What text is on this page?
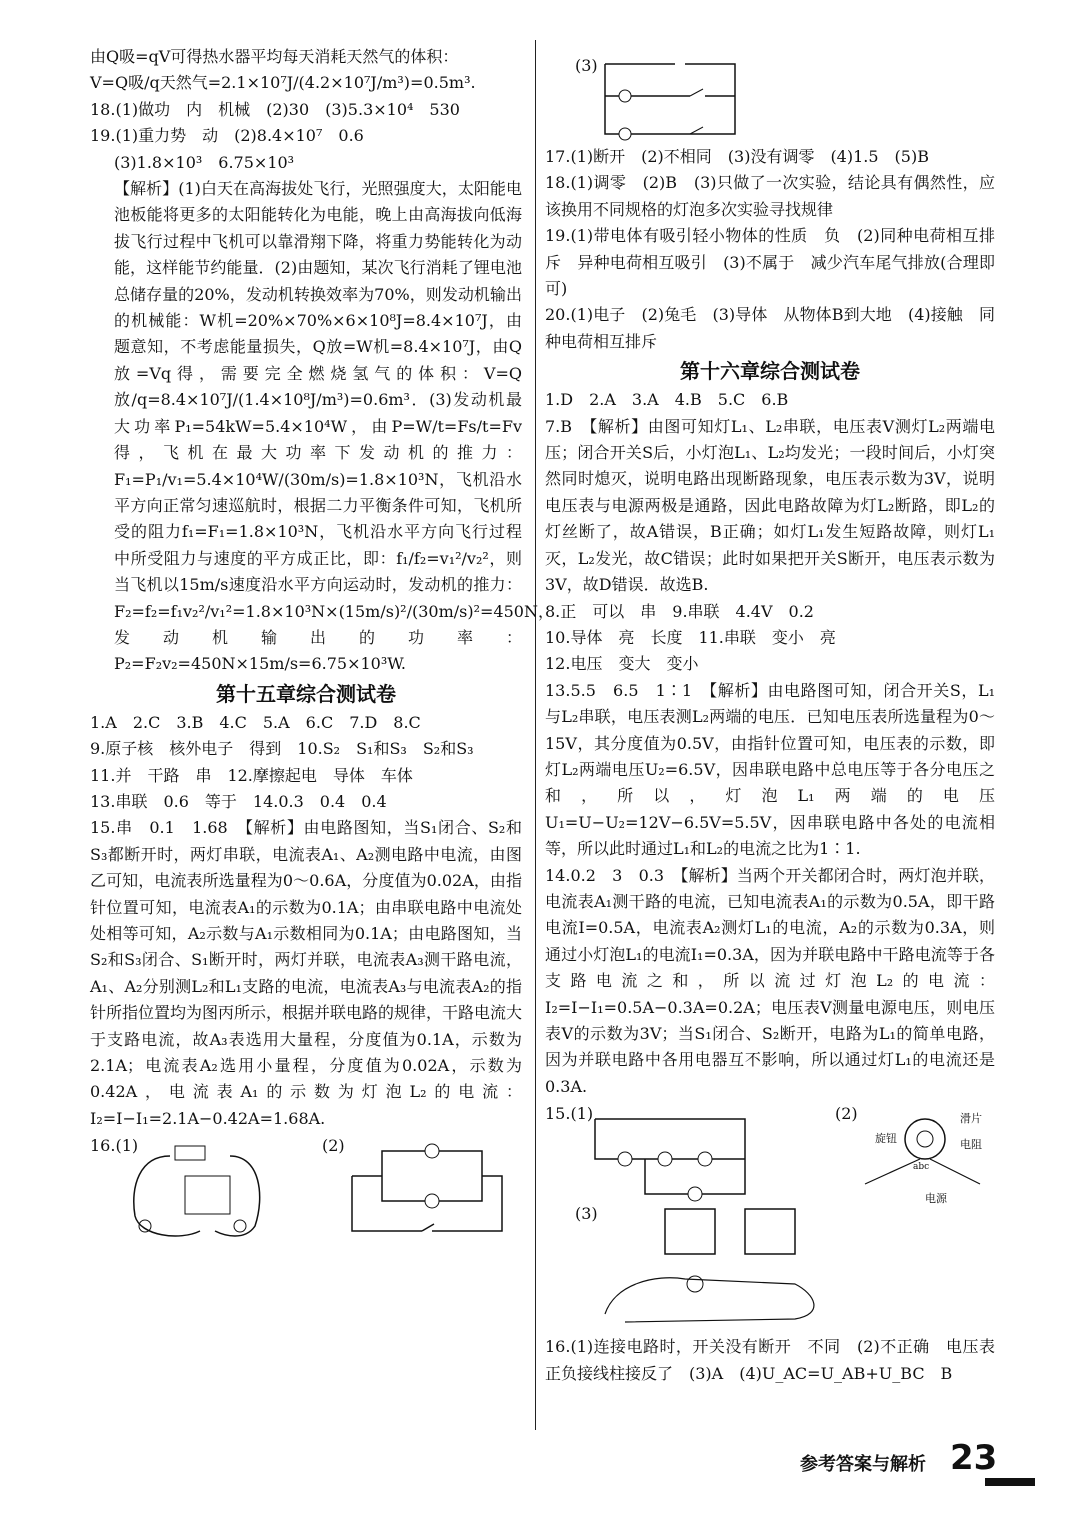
由Q吸=qV可得热水器平均每天消耗天然气的体积：

V=Q吸/q天然气=2.1×10⁷J/(4.2×10⁷J/m³)=0.5m³.

18.(1)做功　内　机械　(2)30　(3)5.3×10⁴　530

19.(1)重力势　动　(2)8.4×10⁷　0.6

(3)1.8×10³　6.75×10³

【解析】(1)白天在高海拔处飞行，光照强度大，太阳能电池板能将更多的太阳能转化为电能，晚上由高海拔向低海拔飞行过程中飞机可以靠滑翔下降，将重力势能转化为动能，这样能节约能量．(2)由题知，某次飞行消耗了锂电池总储存量的20%，发动机转换效率为70%，则发动机输出的机械能：W机=20%×70%×6×10⁸J=8.4×10⁷J，由题意知，不考虑能量损失，Q放=W机=8.4×10⁷J，由Q放=Vq得，需要完全燃烧氢气的体积：V=Q放/q=8.4×10⁷J/(1.4×10⁸J/m³)=0.6m³．(3)发动机最大功率P₁=54kW=5.4×10⁴W，由P=W/t=Fs/t=Fv得，飞机在最大功率下发动机的推力：F₁=P₁/v₁=5.4×10⁴W/(30m/s)=1.8×10³N，飞机沿水平方向正常匀速巡航时，根据二力平衡条件可知，飞机所受的阻力f₁=F₁=1.8×10³N，飞机沿水平方向飞行过程中所受阻力与速度的平方成正比，即：f₁/f₂=v₁²/v₂²，则当飞机以15m/s速度沿水平方向运动时，发动机的推力：F₂=f₂=f₁v₂²/v₁²=1.8×10³N×(15m/s)²/(30m/s)²=450N，发动机输出的功率：P₂=F₂v₂=450N×15m/s=6.75×10³W.

第十五章综合测试卷

1.A　2.C　3.B　4.C　5.A　6.C　7.D　8.C

9.原子核　核外电子　得到　10.S₂　S₁和S₃　S₂和S₃

11.并　干路　串　12.摩擦起电　导体　车体

13.串联　0.6　等于　14.0.3　0.4　0.4

15.串　0.1　1.68　【解析】由电路图知，当S₁闭合、S₂和S₃都断开时，两灯串联，电流表A₁、A₂测电路中电流，由图乙可知，电流表所选量程为0～0.6A，分度值为0.02A，由指针位置可知，电流表A₁的示数为0.1A；由串联电路中电流处处相等可知，A₂示数与A₁示数相同为0.1A；由电路图知，当S₂和S₃闭合、S₁断开时，两灯并联，电流表A₃测干路电流，A₁、A₂分别测L₂和L₁支路的电流，电流表A₃与电流表A₂的指针所指位置均为图丙所示，根据并联电路的规律，干路电流大于支路电流，故A₃表选用大量程，分度值为0.1A，示数为2.1A；电流表A₂选用小量程，分度值为0.02A，示数为0.42A，电流表A₁的示数为灯泡L₂的电流：I₂=I−I₁=2.1A−0.42A=1.68A.

16.(1)	(2)
(3)

17.(1)断开　(2)不相同　(3)没有调零　(4)1.5　(5)B

18.(1)调零　(2)B　(3)只做了一次实验，结论具有偶然性，应该换用不同规格的灯泡多次实验寻找规律

19.(1)带电体有吸引轻小物体的性质　负　(2)同种电荷相互排斥　异种电荷相互吸引　(3)不属于　减少汽车尾气排放(合理即可)

20.(1)电子　(2)兔毛　(3)导体　从物体B到大地　(4)接触　同种电荷相互排斥

第十六章综合测试卷

1.D　2.A　3.A　4.B　5.C　6.B

7.B　【解析】由图可知灯L₁、L₂串联，电压表V测灯L₂两端电压；闭合开关S后，小灯泡L₁、L₂均发光；一段时间后，小灯突然同时熄灭，说明电路出现断路现象，电压表示数为3V，说明电压表与电源两极是通路，因此电路故障为灯L₂断路，即L₂的灯丝断了，故A错误，B正确；如灯L₁发生短路故障，则灯L₁灭，L₂发光，故C错误；此时如果把开关S断开，电压表示数为3V，故D错误．故选B.

8.正　可以　串　9.串联　4.4V　0.2

10.导体　亮　长度　11.串联　变小　亮

12.电压　变大　变小

13.5.5　6.5　1∶1　【解析】由电路图可知，闭合开关S，L₁与L₂串联，电压表测L₂两端的电压．已知电压表所选量程为0～15V，其分度值为0.5V，由指针位置可知，电压表的示数，即灯L₂两端电压U₂=6.5V，因串联电路中总电压等于各分电压之和，所以，灯泡L₁两端的电压U₁=U−U₂=12V−6.5V=5.5V，因串联电路中各处的电流相等，所以此时通过L₁和L₂的电流之比为1∶1.

14.0.2　3　0.3　【解析】当两个开关都闭合时，两灯泡并联，电流表A₁测干路的电流，已知电流表A₁的示数为0.5A，即干路电流I=0.5A，电流表A₂测灯L₁的电流，A₂的示数为0.3A，则通过小灯泡L₁的电流I₁=0.3A，因为并联电路中干路电流等于各支路电流之和，所以流过灯泡L₂的电流：I₂=I−I₁=0.5A−0.3A=0.2A；电压表V测量电源电压，则电压表V的示数为3V；当S₁闭合、S₂断开，电路为L₁的简单电路，因为并联电路中各用电器互不影响，所以通过灯L₁的电流还是0.3A.

15.(1)	(2)
旋钮
滑片
电阻
abc
电源
(3)

16.(1)连接电路时，开关没有断开　不同　(2)不正确　电压表正负接线柱接反了　(3)A　(4)U_AC=U_AB+U_BC　B

参考答案与解析 23
